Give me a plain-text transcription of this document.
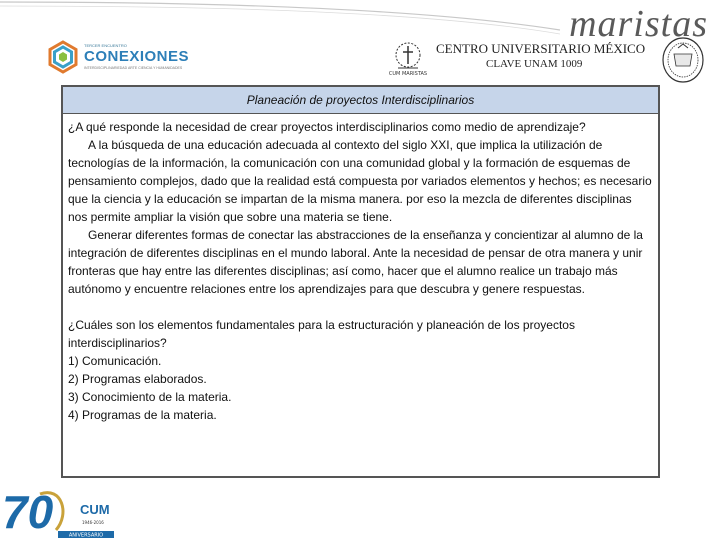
maristas
TERCER ENCUENTRO
CONEXIONES
INTERDISCIPLINARIEDAD ARTE CIENCIA Y HUMANIDADES
CUM MARISTAS
CENTRO UNIVERSITARIO MÉXICO
CLAVE UNAM 1009
Planeación de proyectos Interdisciplinarios

¿A qué responde la necesidad de crear proyectos interdisciplinarios como medio de aprendizaje?

A la búsqueda de una educación adecuada al contexto del siglo XXI, que implica la utilización de tecnologías de la información, la comunicación con una comunidad global y la formación de esquemas de pensamiento complejos, dado que la realidad está compuesta por variados elementos y hechos; es necesario que la ciencia y la educación se impartan de la misma manera. por eso la mezcla de diferentes disciplinas nos permite ampliar la visión que sobre una materia se tiene.

Generar diferentes formas de conectar las abstracciones de la enseñanza y concientizar al alumno de la integración de diferentes disciplinas en el mundo laboral. Ante la necesidad de pensar de otra manera y unir fronteras que hay entre las diferentes disciplinas; así como, hacer que el alumno realice un trabajo más autónomo y encuentre relaciones entre los aprendizajes para que descubra y genere respuestas.

¿Cuáles son los elementos fundamentales para la estructuración y planeación de los proyectos interdisciplinarios?

1) Comunicación.

2) Programas elaborados.

3) Conocimiento de la materia.

4) Programas de la materia.

70 CUM
1946-2016
ANIVERSARIO
